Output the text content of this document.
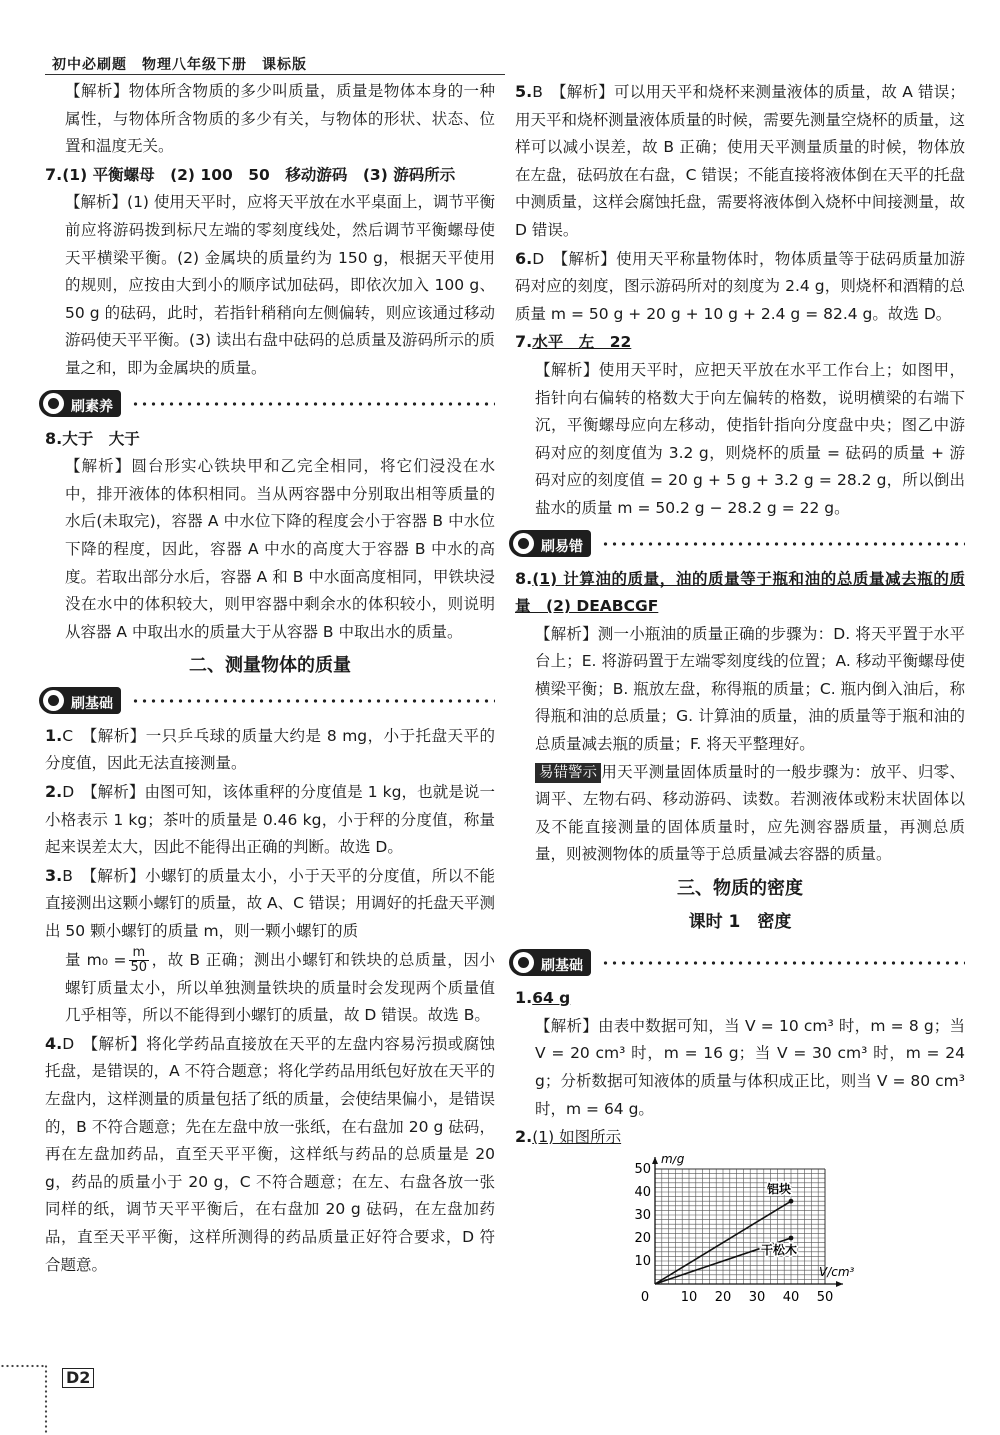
初中必刷题　物理八年级下册　课标版

【解析】物体所含物质的多少叫质量，质量是物体本身的一种属性，与物体所含物质的多少有关，与物体的形状、状态、位置和温度无关。

7.(1) 平衡螺母　(2) 100　50　移动游码　(3) 游码所示

【解析】(1) 使用天平时，应将天平放在水平桌面上，调节平衡前应将游码拨到标尺左端的零刻度线处，然后调节平衡螺母使天平横梁平衡。(2) 金属块的质量约为 150 g，根据天平使用的规则，应按由大到小的顺序试加砝码，即依次加入 100 g、50 g 的砝码，此时，若指针稍稍向左侧偏转，则应该通过移动游码使天平平衡。(3) 读出右盘中砝码的总质量及游码所示的质量之和，即为金属块的质量。

刷素养

8.大于　大于

【解析】圆台形实心铁块甲和乙完全相同，将它们浸没在水中，排开液体的体积相同。当从两容器中分别取出相等质量的水后(未取完)，容器 A 中水位下降的程度会小于容器 B 中水位下降的程度，因此，容器 A 中水的高度大于容器 B 中水的高度。若取出部分水后，容器 A 和 B 中水面高度相同，甲铁块浸没在水中的体积较大，则甲容器中剩余水的体积较小，则说明从容器 A 中取出水的质量大于从容器 B 中取出水的质量。

二、测量物体的质量
刷基础

1.C　【解析】一只乒乓球的质量大约是 8 mg，小于托盘天平的分度值，因此无法直接测量。

2.D　【解析】由图可知，该体重秤的分度值是 1 kg，也就是说一小格表示 1 kg；茶叶的质量是 0.46 kg，小于秤的分度值，称量起来误差太大，因此不能得出正确的判断。故选 D。

3.B　【解析】小螺钉的质量太小，小于天平的分度值，所以不能直接测出这颗小螺钉的质量，故 A、C 错误；用调好的托盘天平测出 50 颗小螺钉的质量 m，则一颗小螺钉的质

量 $m_0 = \frac{m}{50}$ ，故 B 正确；测出小螺钉和铁块的总质量，因小螺钉质量太小，所以单独测量铁块的质量时会发现两个质量值几乎相等，所以不能得到小螺钉的质量，故 D 错误。故选 B。

4.D　【解析】将化学药品直接放在天平的左盘内容易污损或腐蚀托盘，是错误的，A 不符合题意；将化学药品用纸包好放在天平的左盘内，这样测量的质量包括了纸的质量，会使结果偏小，是错误的，B 不符合题意；先在左盘中放一张纸，在右盘加 20 g 砝码，再在左盘加药品，直至天平平衡，这样纸与药品的总质量是 20 g，药品的质量小于 20 g，C 不符合题意；在左、右盘各放一张同样的纸，调节天平平衡后，在右盘加 20 g 砝码，在左盘加药品，直至天平平衡，这样所测得的药品质量正好符合要求，D 符合题意。

5.B　【解析】可以用天平和烧杯来测量液体的质量，故 A 错误；用天平和烧杯测量液体质量的时候，需要先测量空烧杯的质量，这样可以减小误差，故 B 正确；使用天平测量质量的时候，物体放在左盘，砝码放在右盘，C 错误；不能直接将液体倒在天平的托盘中测质量，这样会腐蚀托盘，需要将液体倒入烧杯中间接测量，故 D 错误。

6.D　【解析】使用天平称量物体时，物体质量等于砝码质量加游码对应的刻度，图示游码所对的刻度为 2.4 g，则烧杯和酒精的总质量 m = 50 g + 20 g + 10 g + 2.4 g = 82.4 g。故选 D。

7.水平　左　22

【解析】使用天平时，应把天平放在水平工作台上；如图甲，指针向右偏转的格数大于向左偏转的格数，说明横梁的右端下沉，平衡螺母应向左移动，使指针指向分度盘中央；图乙中游码对应的刻度值为 3.2 g，则烧杯的质量 = 砝码的质量 + 游码对应的刻度值 = 20 g + 5 g + 3.2 g = 28.2 g，所以倒出盐水的质量 m = 50.2 g − 28.2 g = 22 g。

刷易错

8.(1) 计算油的质量，油的质量等于瓶和油的总质量减去瓶的质量　(2) DEABCGF

【解析】测一小瓶油的质量正确的步骤为：D. 将天平置于水平台上；E. 将游码置于左端零刻度线的位置；A. 移动平衡螺母使横梁平衡；B. 瓶放左盘，称得瓶的质量；C. 瓶内倒入油后，称得瓶和油的总质量；G. 计算油的质量，油的质量等于瓶和油的总质量减去瓶的质量；F. 将天平整理好。

易错警示 用天平测量固体质量时的一般步骤为：放平、归零、调平、左物右码、移动游码、读数。若测液体或粉末状固体以及不能直接测量的固体质量时，应先测容器质量，再测总质量，则被测物体的质量等于总质量减去容器的质量。

三、物质的密度
课时 1　密度
刷基础

1.64 g

【解析】由表中数据可知，当 V = 10 cm³ 时，m = 8 g；当 V = 20 cm³ 时，m = 16 g；当 V = 30 cm³ 时，m = 24 g；分析数据可知液体的质量与体积成正比，则当 V = 80 cm³ 时，m = 64 g。

2.(1) 如图所示

0 10 20 30 40 50
10
20
30
40
50
m/g
V/cm³
铝块
干松木
D2
